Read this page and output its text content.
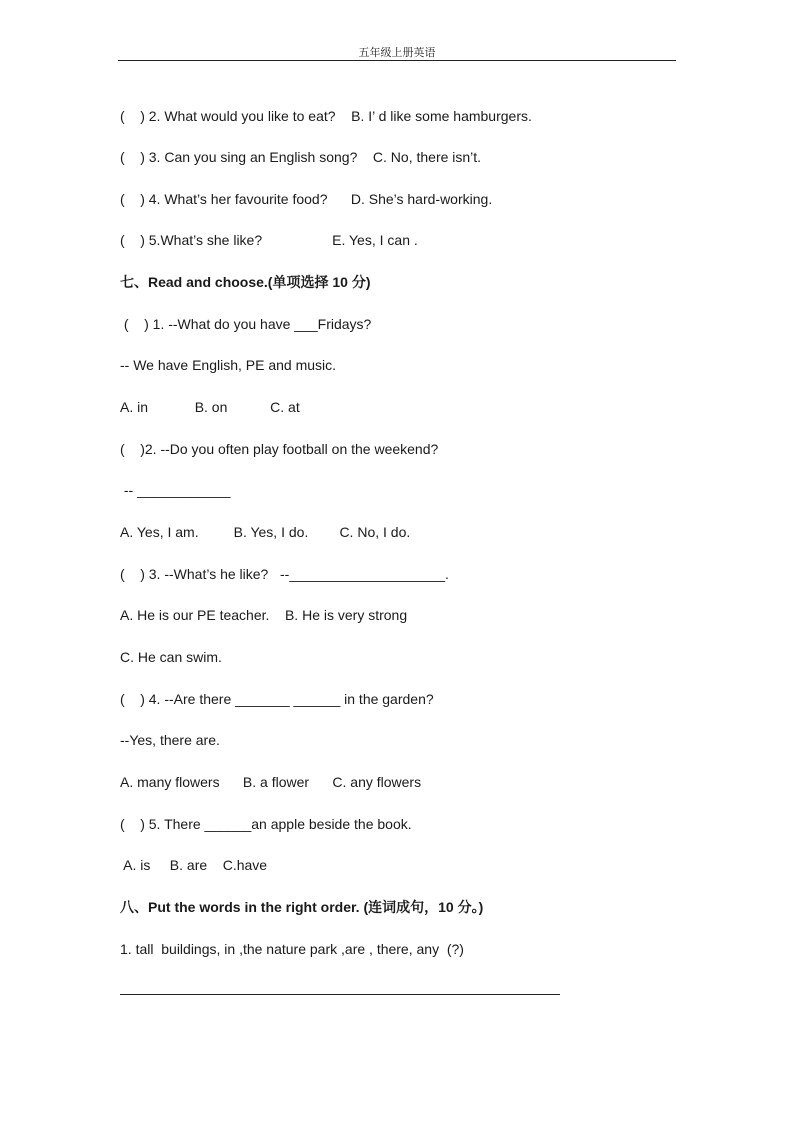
五年级上册英语
(    ) 2. What would you like to eat?    B. I’ d like some hamburgers.
(    ) 3. Can you sing an English song?    C. No, there isn’t.
(    ) 4. What’s her favourite food?      D. She’s hard-working.
(    ) 5.What’s she like?                  E. Yes, I can .
七、Read and choose.(单项选择 10 分)
(    ) 1. --What do you have ___Fridays?
-- We have English, PE and music.
A. in            B. on           C. at
(    )2. --Do you often play football on the weekend?
-- ____________
A. Yes, I am.         B. Yes, I do.        C. No, I do.
(    ) 3. --What’s he like?   --____________________.
A. He is our PE teacher.    B. He is very strong
C. He can swim.
(    ) 4. --Are there _______ ______ in the garden?
--Yes, there are.
A. many flowers      B. a flower      C. any flowers
(    ) 5. There ______an apple beside the book.
A. is     B. are    C.have
八、Put the words in the right order. (连词成句，10 分。)
1. tall  buildings, in ,the nature park ,are , there, any  (?)
